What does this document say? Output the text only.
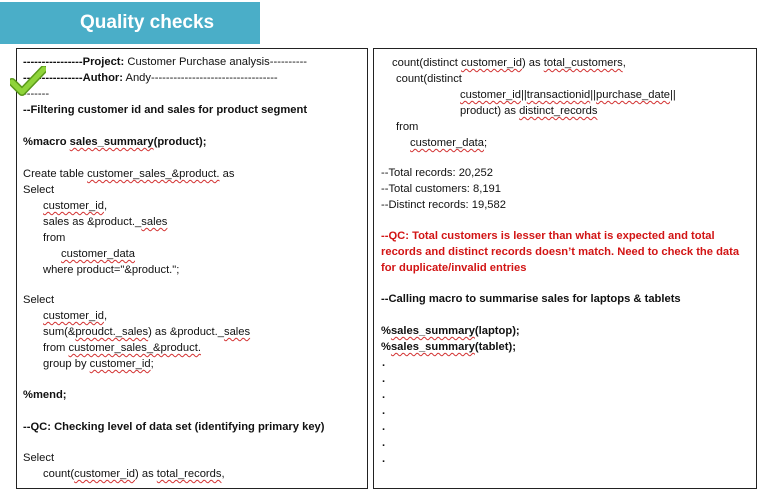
Quality checks
----------------Project: Customer Purchase analysis----------
----------------Author: Andy----------------------------------
-------
--Filtering customer id and sales for product segment
%macro sales_summary(product);
Create table customer_sales_&product. as
Select
customer_id,
sales as &product._sales
from
customer_data
where product="&product.";
Select
customer_id,
sum(&proudct._sales) as &product._sales
from customer_sales_&product.
group by customer_id;
%mend;
--QC: Checking level of data set (identifying primary key)
Select
count(customer_id) as total_records,
count(distinct customer_id) as total_customers,
count(distinct
customer_id||transactionid||purchase_date||
product) as distinct_records
from
customer_data;
--Total records: 20,252
--Total customers: 8,191
--Distinct records: 19,582
--QC: Total customers is lesser than what is expected and total
records and distinct records doesn’t match. Need to check the data
for duplicate/invalid entries
--Calling macro to summarise sales for laptops & tablets
%sales_summary(laptop);
%sales_summary(tablet);
.
.
.
.
.
.
.
